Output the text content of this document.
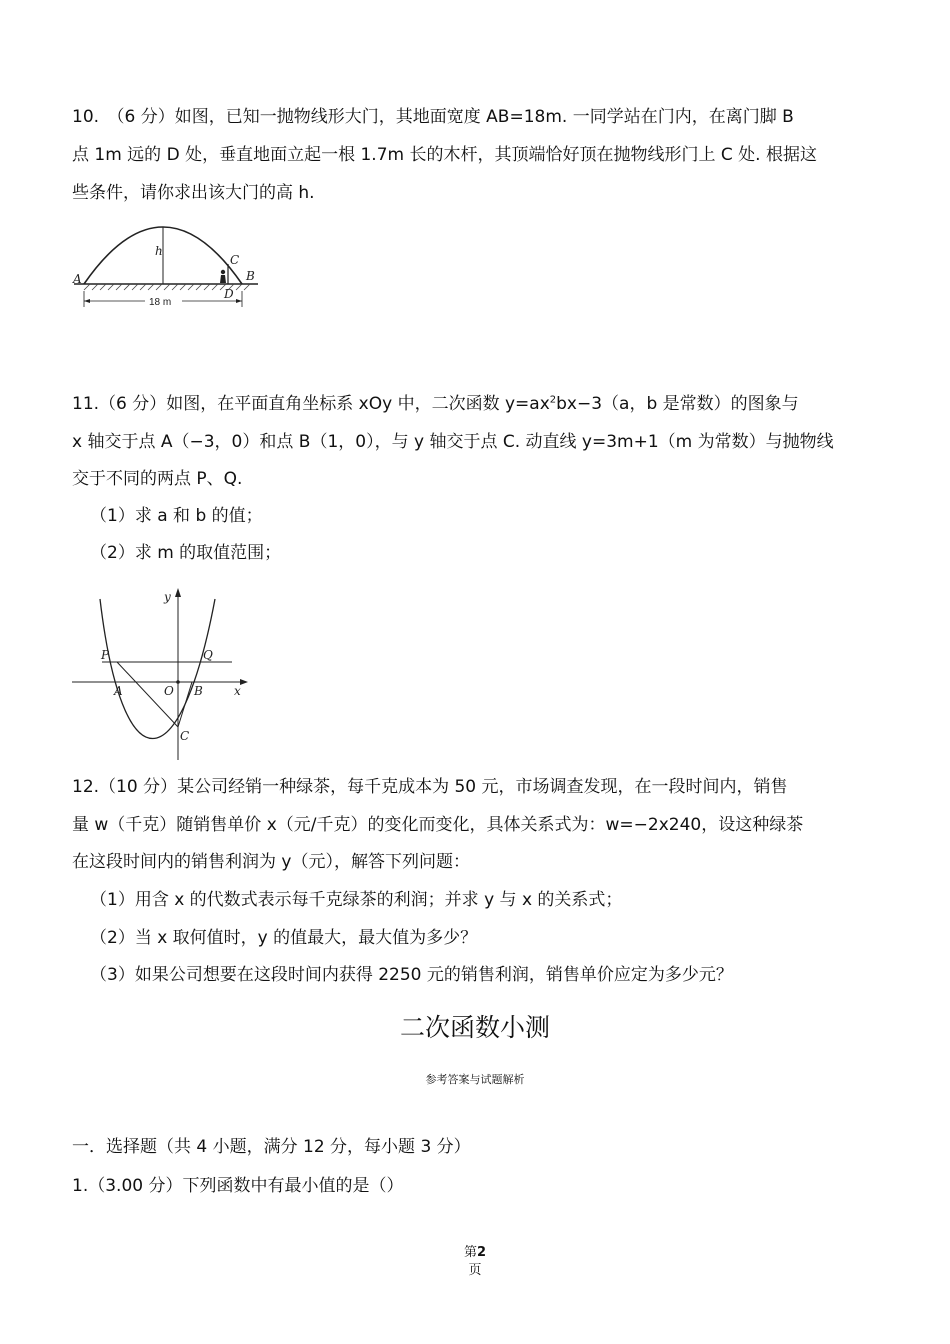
10.　（6 分）如图，已知一抛物线形大门，其地面宽度 AB=18m. 一同学站在门内，在离门脚 B
点 1m 远的 D 处，垂直地面立起一根 1.7m 长的木杆，其顶端恰好顶在抛物线形门上 C 处. 根据这
些条件，请你求出该大门的高 h.
h
A	B
C
D
18 m
11.（6 分）如图，在平面直角坐标系 xOy 中，二次函数 $y=ax^2bx-3(a$，b 是常数）的图象与
x 轴交于点 A（−3，0）和点 B（1，0），与 y 轴交于点 C. 动直线 y=3m+1（m 为常数）与抛物线
交于不同的两点 P、Q.
（1）求 a 和 b 的值；
（2）求 m 的取值范围；
y
x
P	Q
A	O B
C
12.（10 分）某公司经销一种绿茶，每千克成本为 50 元，市场调查发现，在一段时间内，销售
量 w（千克）随销售单价 x（元/千克）的变化而变化，具体关系式为：w=−2x240，设这种绿茶
在这段时间内的销售利润为 y（元），解答下列问题：
（1）用含 x 的代数式表示每千克绿茶的利润；并求 y 与 x 的关系式；
（2）当 x 取何值时，y 的值最大，最大值为多少？
（3）如果公司想要在这段时间内获得 2250 元的销售利润，销售单价应定为多少元？
二次函数小测
参考答案与试题解析
一．选择题（共 4 小题，满分 12 分，每小题 3 分）
1.（3.00 分）下列函数中有最小值的是（）
第2
页
